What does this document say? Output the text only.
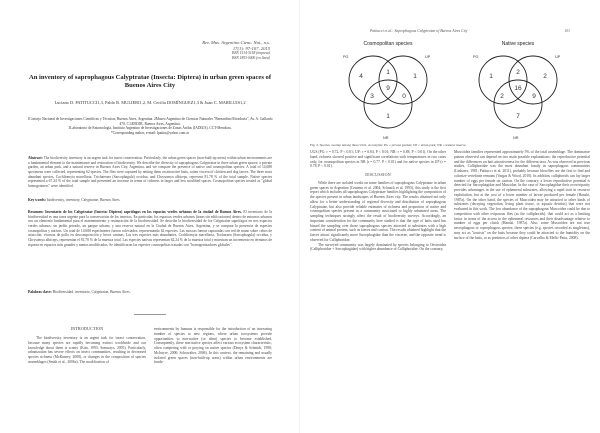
Rev. Mus. Argentino Cienc. Nat., n.s.
17(1): 97-107, 2015
ISSN 1514-5158 (impresa)
ISSN 1853-0400 (en línea)
An inventory of saprophagous Calyptratae (Insecta: Diptera) in urban green spaces of Buenos Aires City
Luciano D. PATITUCCI1,3, Pablo R. MULIERI1,2, M. Cecilia DOMÍNGUEZ1,3 & Juan C. MARILUIS1,2
1Consejo Nacional de Investigaciones Científicas y Técnicas, Buenos Aires, Argentina. 2Museo Argentino de Ciencias Naturales "Bernardino Rivadavia", Av. A. Gallardo 470, C1405DJR, Buenos Aires, Argentina.
3Laboratorio de Entomología, Instituto Argentino de Investigaciones de Zonas Áridas (IADIZA), CCT-Mendoza.
*Corresponding author, e-mail: lpatitu@yahoo.com.ar
Abstract: The biodiversity inventory is an urgent task for insect conservation. Particularly, the urban green spaces (non-built-up areas) within urban environments are a fundamental element to the maintenance and restoration of biodiversity. We describe the diversity of saprophagous Calyptratae in three urban green spaces: a private garden, an urban park, and a natural reserve in Buenos Aires City, Argentina, and we compare the presence of native and cosmopolitan species. A total of 14,688 specimens were collected, representing 62 species. The flies were captured by netting them on attractive baits, rotten viscera of chicken and dog faeces. The three most abundant species, Cochliomyia macellaria, Trichareaea (Sarcophagula) occidua, and Chrysomya albiceps, represent 81.78 % of the total sample. Native species represented a 67.24 % of the total sample and presented an increase in terms of richness in larger and less modified spaces. Cosmopolitan species treated as "global homogenizers" were identified.
Key words: biodiversity, inventory, Calyptratae, Buenos Aires.
Resumen: Inventario de los Calyptratae (Insecta: Diptera) saprófagos en los espacios verdes urbanos de la ciudad de Buenos Aires. El inventario de la biodiversidad es una tarea urgente para la conservación de los insectos. En particular, los espacios verdes urbanos (áreas sin edificaciones) dentro de entornos urbanos son un elemento fundamental para el mantenimiento y restauración de la biodiversidad. Se describe la biodiversidad de los Calyptratae saprófagos en tres espacios verdes urbanos: un jardín privado, un parque urbano, y una reserva natural en la Ciudad de Buenos Aires, Argentina, y se compara la presencia de especies cosmopolitas y nativas. Un total de 14.688 especímenes fueron colectados, representando 62 especies. Las moscas fueron capturadas con red de mano sobre cebos de atracción, vísceras de pollo en descomposición y heces caninas. Las tres especies más abundantes, Cochliomyia macellaria, Tricharaea (Sarcophagula) occidua, y Chrysomya albiceps, representan el 81,78 % de la muestra total. Las especies nativas representan 62,24 % de la muestra total y muestran un incremento en términos de riqueza en espacios más grandes y menos modificados. Se identificaron las especies cosmopolitas tratadas con "homogenizadores globales".
Palabras clave: Biodiversidad, inventario, Calyptratae, Buenos Aires.
INTRODUCTION
The biodiversity inventory is an urgent task for insect conservation, because many species are rapidly becoming extinct worldwide and our knowledge about them is scanty (Kim, 1993; Samways, 2005). Particularly, urbanization has severe effects on insect communities, resulting in decreased species richness (McKinney, 2008), or changes in the composition of species assemblages (Smith et al., 2006a). The modification of
environments by humans is responsible for the introduction of an increasing number of species to new regions, where urban ecosystems provide opportunities to non-native (or alien) species to become established. Consequently, these non-native species affect various ecosystem characteristic, often competing with or preying on native species (Denys & Schmidt, 1998; McIntyre, 2000; Schowalter, 2006). In this context, the remaining and usually isolated green spaces (non-built-up areas) within urban environments are funda-
Patitucci et al.: Saprophagous Calyptratae of Buenos Aires City	101
Cosmopolitan species
PG	UP
NR
4
1
1
9
3	0
1
Native species
PG	UP
NR
1
2
2
16
2	9
7
Fig. 2. Species overlap among three UGS. Acronyms: PG = private garden; UP = urban park; NR = natural reserve.
UGS (PG: r = 0.72, P < 0.01; UP: r = 0.84, P < 0.01; NR: r = 0.88, P < 0.01). On the other hand, richness showed positive and significant correlations with temperatures in two cases only, for cosmopolitan species in NR (r = 0.77, P < 0.01) and for native species in UP (r = 0.78, P < 0.01).
DISCUSSION
While there are isolated works on some families of saprophagous Calyptratae in urban green spaces in Argentina (Centeno et al. 2004; Schnack et al. 1995), this study is the first report which includes all saprophagous Calyptratae families highlighting the composition of the species present in urban landscapes of Buenos Aires city. The results obtained not only allow for a better understanding of regional diversity and distribution of saprophagous Calyptratae, but also provide reliable estimates of richness and proportion of native and cosmopolitan species present in a community associated to highly urbanized areas. The sampling techniques strongly affect the result of biodiversity surveys. Accordingly, an important consideration for the community here studied is that the type of baits used has biased the sampling over those saprophagous species attracted to substrates with a high content of animal protein, such as faeces and carrion. The results obtained highlight that the faeces attract significantly more Sarcophagidae than the viscerae, and the opposite trend is observed for Calliphoridae.
The surveyed community was largely dominated by species belonging to Oestroidea (Calliphoridae + Sarcophagidae) with higher abundance of Calliphoridae. On the contrary,
Muscoidea families represented approximately 5% of the total assemblage. The dominance pattern observed can depend on two main possible explanations: the reproductive potential and the differences on bait attractiveness for the different taxa. As was observed in previous studies, Calliphoridae was the most abundant family in saprophagous communities (Linhares, 1981; Patitucci et al. 2011), probably because blowflies are the first to find and colonize vertebrate remains (Vargas & Wood, 2010). In addition, calliphorids can lay larger number of eggs per female on carrion. On the contrary, a lower reproductive potential is detected for Sarcophagidae and Muscidae. In the case of Sarcophagidae their ovoviviparity provides advantages in the use of ephemeral substrates, allowing a rapid start in resource exploitation, but at the cost of a lower number of larvae produced per female (Hanski, 1987a). On the other hand, the species of Muscoidea may be attracted to other kinds of substrates (decaying vegetation, living plant tissue, or aquatic detritus) that were not evaluated in this work. The low abundance of the saprophagous Muscoidea could be due to competition with other oviparous flies (as the calliphorids), that could act as a limiting factor in terms of the access to the ephemeral resources and their disadvantage relative to number of eggs per clutch (Hanski, 1987a). Also, some Muscoidea are not true necrophagous or coprophagous species; these species (e.g. species recorded as singletons), may act as "tourists" on the baits because they could be attracted to the humidity on the surface of the baits, or as predators of other diptera (Carvalho & Mello-Patiu, 2008).
